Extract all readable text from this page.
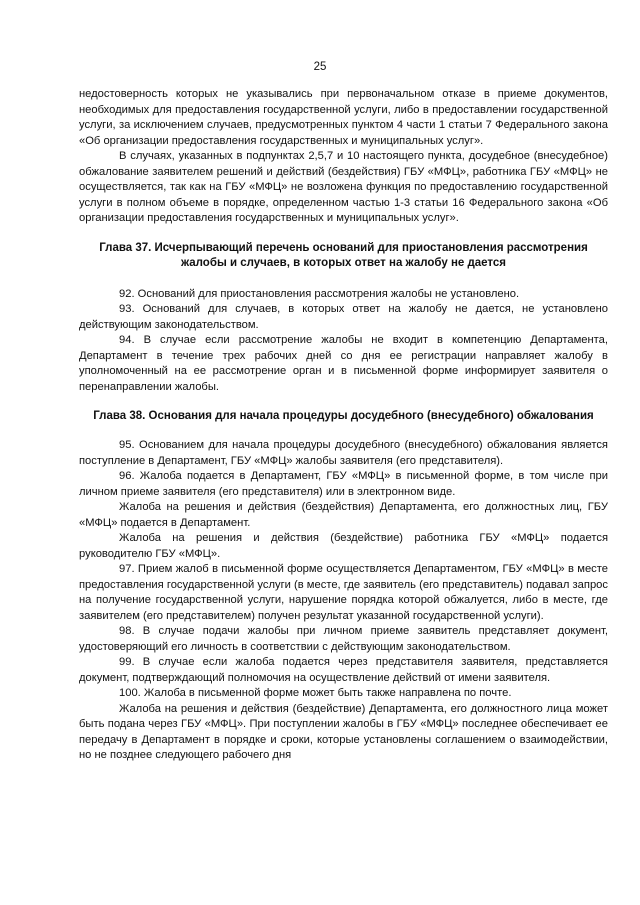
25

недостоверность которых не указывались при первоначальном отказе в приеме документов, необходимых для предоставления государственной услуги, либо в предоставлении государственной услуги, за исключением случаев, предусмотренных пунктом 4 части 1 статьи 7 Федерального закона «Об организации предоставления государственных и муниципальных услуг».

В случаях, указанных в подпунктах 2,5,7 и 10 настоящего пункта, досудебное (внесудебное) обжалование заявителем решений и действий (бездействия) ГБУ «МФЦ», работника ГБУ «МФЦ» не осуществляется, так как на ГБУ «МФЦ» не возложена функция по предоставлению государственной услуги в полном объеме в порядке, определенном частью 1-3 статьи 16 Федерального закона «Об организации предоставления государственных и муниципальных услуг».

Глава 37. Исчерпывающий перечень оснований для приостановления рассмотрения жалобы и случаев, в которых ответ на жалобу не дается

92. Оснований для приостановления рассмотрения жалобы не установлено.

93. Оснований для случаев, в которых ответ на жалобу не дается, не установлено действующим законодательством.

94. В случае если рассмотрение жалобы не входит в компетенцию Департамента, Департамент в течение трех рабочих дней со дня ее регистрации направляет жалобу в уполномоченный на ее рассмотрение орган и в письменной форме информирует заявителя о перенаправлении жалобы.

Глава 38. Основания для начала процедуры досудебного (внесудебного) обжалования

95. Основанием для начала процедуры досудебного (внесудебного) обжалования является поступление в Департамент, ГБУ «МФЦ» жалобы заявителя (его представителя).

96. Жалоба подается в Департамент, ГБУ «МФЦ» в письменной форме, в том числе при личном приеме заявителя (его представителя) или в электронном виде.

Жалоба на решения и действия (бездействия) Департамента, его должностных лиц, ГБУ «МФЦ» подается в Департамент.

Жалоба на решения и действия (бездействие) работника ГБУ «МФЦ» подается руководителю ГБУ «МФЦ».

97. Прием жалоб в письменной форме осуществляется Департаментом, ГБУ «МФЦ» в месте предоставления государственной услуги (в месте, где заявитель (его представитель) подавал запрос на получение государственной услуги, нарушение порядка которой обжалуется, либо в месте, где заявителем (его представителем) получен результат указанной государственной услуги).

98. В случае подачи жалобы при личном приеме заявитель представляет документ, удостоверяющий его личность в соответствии с действующим законодательством.

99. В случае если жалоба подается через представителя заявителя, представляется документ, подтверждающий полномочия на осуществление действий от имени заявителя.

100. Жалоба в письменной форме может быть также направлена по почте.

Жалоба на решения и действия (бездействие) Департамента, его должностного лица может быть подана через ГБУ «МФЦ». При поступлении жалобы в ГБУ «МФЦ» последнее обеспечивает ее передачу в Департамент в порядке и сроки, которые установлены соглашением о взаимодействии, но не позднее следующего рабочего дня
